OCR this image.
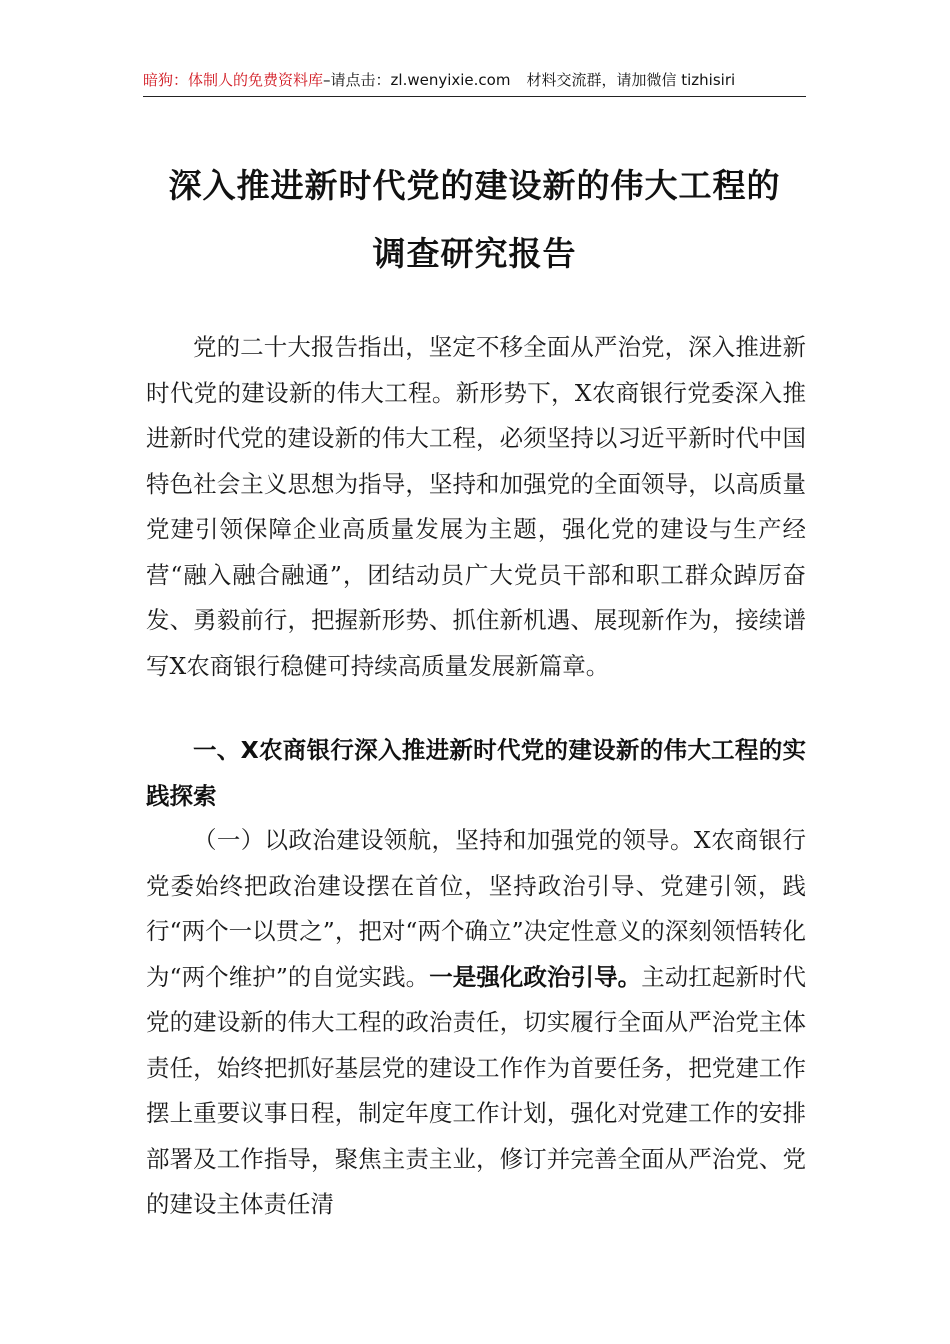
暗狗：体制人的免费资料库–请点击：zl.wenyixie.com 材料交流群，请加微信 tizhisiri
深入推进新时代党的建设新的伟大工程的
调查研究报告

党的二十大报告指出，坚定不移全面从严治党，深入推进新时代党的建设新的伟大工程。新形势下，X农商银行党委深入推进新时代党的建设新的伟大工程，必须坚持以习近平新时代中国特色社会主义思想为指导，坚持和加强党的全面领导，以高质量党建引领保障企业高质量发展为主题，强化党的建设与生产经营“融入融合融通”，团结动员广大党员干部和职工群众踔厉奋发、勇毅前行，把握新形势、抓住新机遇、展现新作为，接续谱写X农商银行稳健可持续高质量发展新篇章。

一、X农商银行深入推进新时代党的建设新的伟大工程的实践探索

（一）以政治建设领航，坚持和加强党的领导。X农商银行党委始终把政治建设摆在首位，坚持政治引导、党建引领，践行“两个一以贯之”，把对“两个确立”决定性意义的深刻领悟转化为“两个维护”的自觉实践。一是强化政治引导。主动扛起新时代党的建设新的伟大工程的政治责任，切实履行全面从严治党主体责任，始终把抓好基层党的建设工作作为首要任务，把党建工作摆上重要议事日程，制定年度工作计划，强化对党建工作的安排部署及工作指导，聚焦主责主业，修订并完善全面从严治党、党的建设主体责任清
